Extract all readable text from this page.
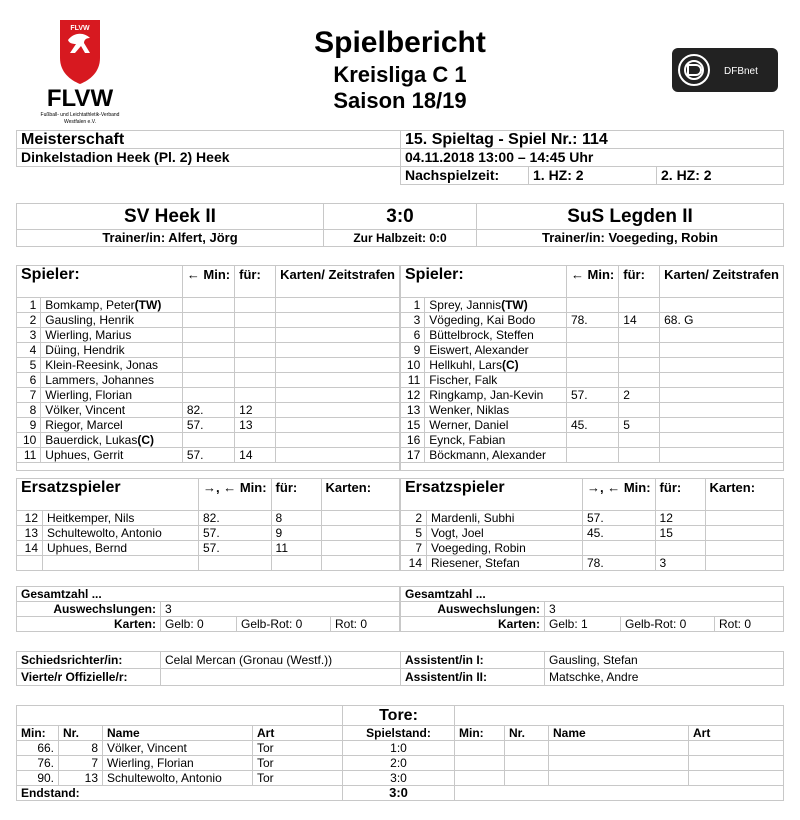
FLVW
FLVW
Fußball- und Leichtathletik-Verband
Westfalen e.V.
Spielbericht
Kreisliga C 1
Saison 18/19
DFBnet
Meisterschaft	15. Spieltag - Spiel Nr.: 114		
Dinkelstadion Heek (Pl. 2) Heek	04.11.2018 13:00 – 14:45 Uhr		
	Nachspielzeit:	1. HZ: 2	2. HZ: 2
SV Heek II	3:0	SuS Legden II
Trainer/in: Alfert, Jörg	Zur Halbzeit: 0:0	Trainer/in: Voegeding, Robin
Spieler:		← Min:	für:	Karten/ Zeitstrafen
1	Bomkamp, Peter(TW)			
2	Gausling, Henrik			
3	Wierling, Marius			
4	Düing, Hendrik			
5	Klein-Reesink, Jonas			
6	Lammers, Johannes			
7	Wierling, Florian			
8	Völker, Vincent	82.	12	
9	Riegor, Marcel	57.	13	
10	Bauerdick, Lukas(C)			
11	Uphues, Gerrit	57.	14	

Spieler:		← Min:	für:	Karten/ Zeitstrafen
1	Sprey, Jannis(TW)			
3	Vögeding, Kai Bodo	78.	14	68. G
6	Büttelbrock, Steffen			
9	Eiswert, Alexander			
10	Hellkuhl, Lars(C)			
11	Fischer, Falk			
12	Ringkamp, Jan-Kevin	57.	2	
13	Wenker, Niklas			
15	Werner, Daniel	45.	5	
16	Eynck, Fabian			
17	Böckmann, Alexander			

Ersatzspieler		→, ← Min:	für:	Karten:
12	Heitkemper, Nils	82.	8	
13	Schultewolto, Antonio	57.	9	
14	Uphues, Bernd	57.	11	

Ersatzspieler		→, ← Min:	für:	Karten:
2	Mardenli, Subhi	57.	12	
5	Vogt, Joel	45.	15	
7	Voegeding, Robin			
14	Riesener, Stefan	78.	3	
Gesamtzahl ...			
Auswechslungen:	3		
Karten:	Gelb: 0	Gelb-Rot: 0	Rot: 0
Gesamtzahl ...			
Auswechslungen:	3		
Karten:	Gelb: 1	Gelb-Rot: 0	Rot: 0
Schiedsrichter/in:	Celal Mercan (Gronau (Westf.))	Assistent/in I:	Gausling, Stefan
Vierte/r Offizielle/r:		Assistent/in II:	Matschke, Andre
				Tore:				
Min:	Nr.	Name	Art	Spielstand:	Min:	Nr.	Name	Art
66.	8	Völker, Vincent	Tor	1:0				
76.	7	Wierling, Florian	Tor	2:0				
90.	13	Schultewolto, Antonio	Tor	3:0				
Endstand:				3:0				
